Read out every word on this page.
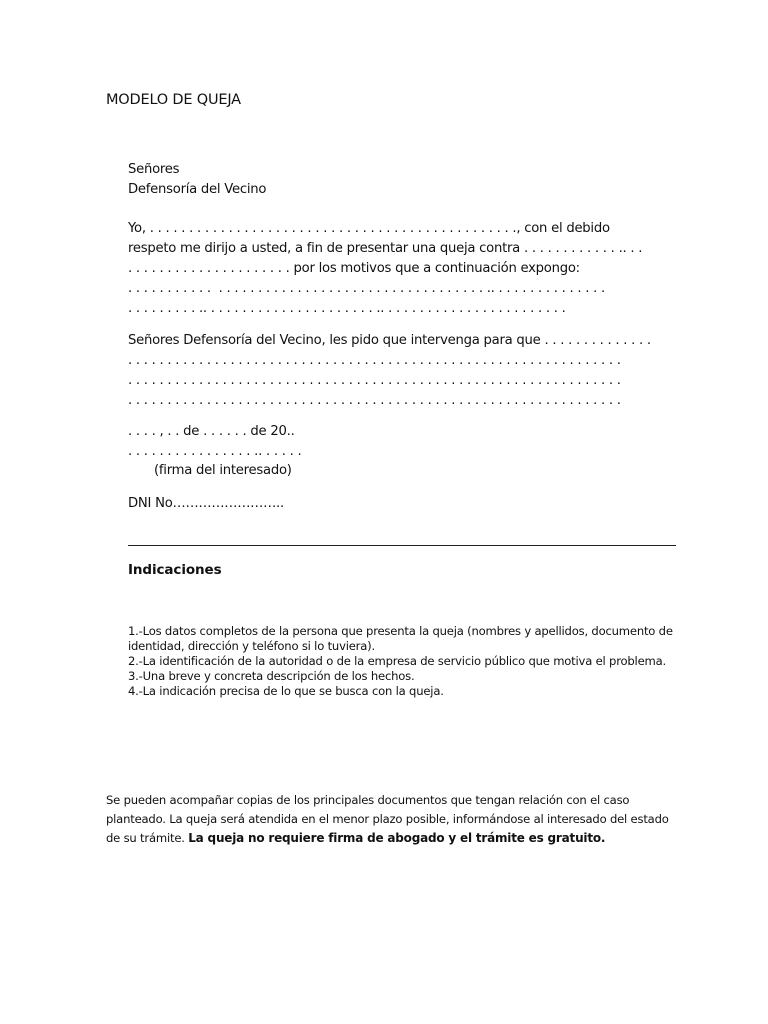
MODELO DE QUEJA
Señores
Defensoría del Vecino
Yo, . . . . . . . . . . . . . . . . . . . . . . . . . . . . . . . . . . . . . . . . . . . . . . ., con el debido
respeto me dirijo a usted, a fin de presentar una queja contra . . . . . . . . . . . . .. . .
. . . . . . . . . . . . . . . . . . . . . por los motivos que a continuación expongo:
. . . . . . . . . . .  . . . . . . . . . . . . . . . . . . . . . . . . . . . . . . . . . . .. . . . . . . . . . . . . . .
. . . . . . . . . .. . . . . . . . . . . . . . . . . . . . . . .. . . . . . . . . . . . . . . . . . . . . . . .
Señores Defensoría del Vecino, les pido que intervenga para que . . . . . . . . . . . . . .
. . . . . . . . . . . . . . . . . . . . . . . . . . . . . . . . . . . . . . . . . . . . . . . . . . . . . . . . . . . . . . .
. . . . . . . . . . . . . . . . . . . . . . . . . . . . . . . . . . . . . . . . . . . . . . . . . . . . . . . . . . . . . . .
. . . . . . . . . . . . . . . . . . . . . . . . . . . . . . . . . . . . . . . . . . . . . . . . . . . . . . . . . . . . . . .
. . . . , . . de . . . . . . de 20..
. . . . . . . . . . . . . . . . .. . . . . .
(firma del interesado)
DNI No……………………..
Indicaciones
1.-Los datos completos de la persona que presenta la queja (nombres y apellidos, documento de
identidad, dirección y teléfono si lo tuviera).
2.-La identificación de la autoridad o de la empresa de servicio público que motiva el problema.
3.-Una breve y concreta descripción de los hechos.
4.-La indicación precisa de lo que se busca con la queja.
Se pueden acompañar copias de los principales documentos que tengan relación con el caso
planteado. La queja será atendida en el menor plazo posible, informándose al interesado del estado
de su trámite. La queja no requiere firma de abogado y el trámite es gratuito.
